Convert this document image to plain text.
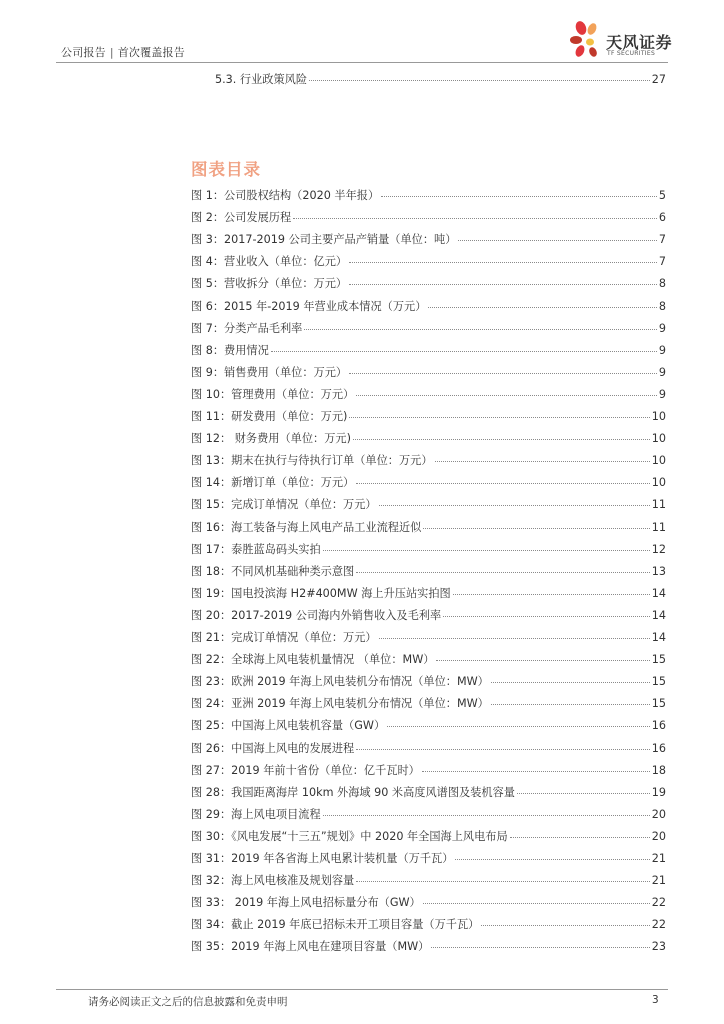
公司报告 | 首次覆盖报告
天风证券
TF SECURITIES
5.3. 行业政策风险	27
图表目录
图 1：公司股权结构（2020 半年报）	5
图 2：公司发展历程	6
图 3：2017-2019 公司主要产品产销量（单位：吨）	7
图 4：营业收入（单位：亿元）	7
图 5：营收拆分（单位：万元）	8
图 6：2015 年-2019 年营业成本情况（万元）	8
图 7：分类产品毛利率	9
图 8：费用情况	9
图 9：销售费用（单位：万元）	9
图 10：管理费用（单位：万元）	9
图 11：研发费用（单位：万元)	10
图 12： 财务费用（单位：万元)	10
图 13：期末在执行与待执行订单（单位：万元）	10
图 14：新增订单（单位：万元）	10
图 15：完成订单情况（单位：万元）	11
图 16：海工装备与海上风电产品工业流程近似	11
图 17：泰胜蓝岛码头实拍	12
图 18：不同风机基础种类示意图	13
图 19：国电投滨海 H2#400MW 海上升压站实拍图	14
图 20：2017-2019 公司海内外销售收入及毛利率	14
图 21：完成订单情况（单位：万元）	14
图 22：全球海上风电装机量情况 （单位：MW）	15
图 23：欧洲 2019 年海上风电装机分布情况（单位：MW）	15
图 24：亚洲 2019 年海上风电装机分布情况（单位：MW）	15
图 25：中国海上风电装机容量（GW）	16
图 26：中国海上风电的发展进程	16
图 27：2019 年前十省份（单位：亿千瓦时）	18
图 28：我国距离海岸 10km 外海域 90 米高度风谱图及装机容量	19
图 29：海上风电项目流程	20
图 30：《风电发展“十三五”规划》中 2020 年全国海上风电布局	20
图 31：2019 年各省海上风电累计装机量（万千瓦）	21
图 32：海上风电核准及规划容量	21
图 33： 2019 年海上风电招标量分布（GW）	22
图 34：截止 2019 年底已招标未开工项目容量（万千瓦）	22
图 35：2019 年海上风电在建项目容量（MW）	23
请务必阅读正文之后的信息披露和免责申明	3
